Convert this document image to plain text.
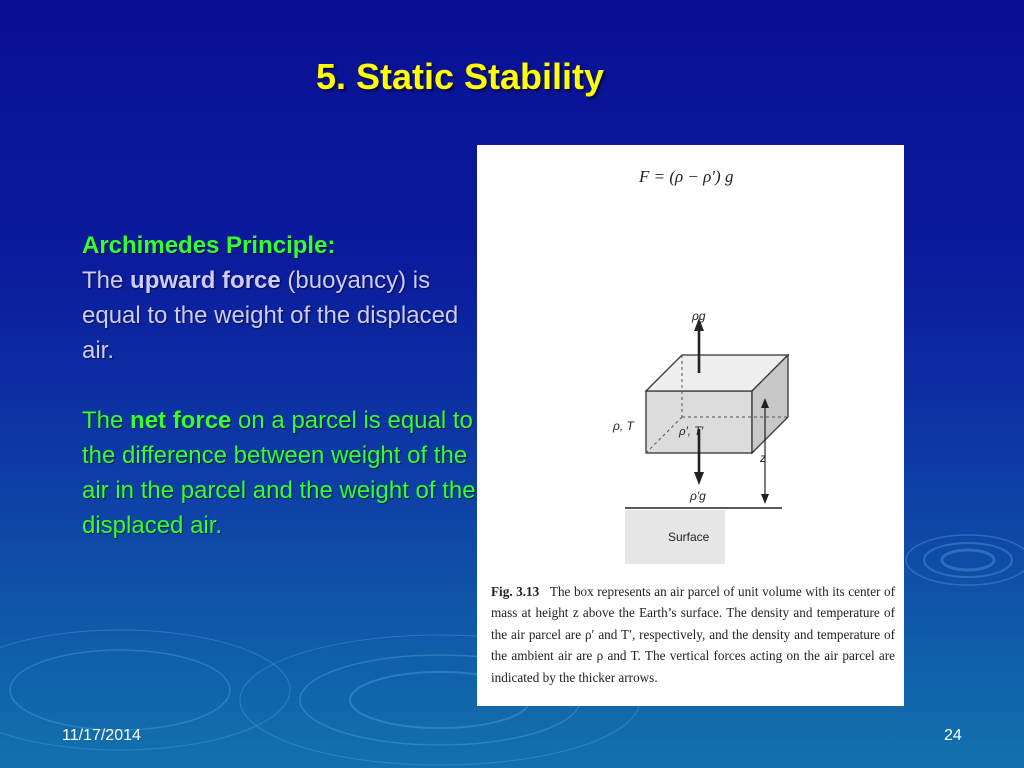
5. Static Stability
Archimedes Principle:
The upward force (buoyancy) is equal to the weight of the displaced air.
The net force on a parcel is equal to the difference between weight of the air in the parcel and the weight of the displaced air.
F = (ρ − ρ′) g
ρg
ρ′g
ρ, T	ρ′, T′
z
Surface
Fig. 3.13 The box represents an air parcel of unit volume with its center of mass at height z above the Earth’s surface. The density and temperature of the air parcel are ρ′ and T′, respectively, and the density and temperature of the ambient air are ρ and T. The vertical forces acting on the air parcel are indicated by the thicker arrows.
11/17/2014	24
